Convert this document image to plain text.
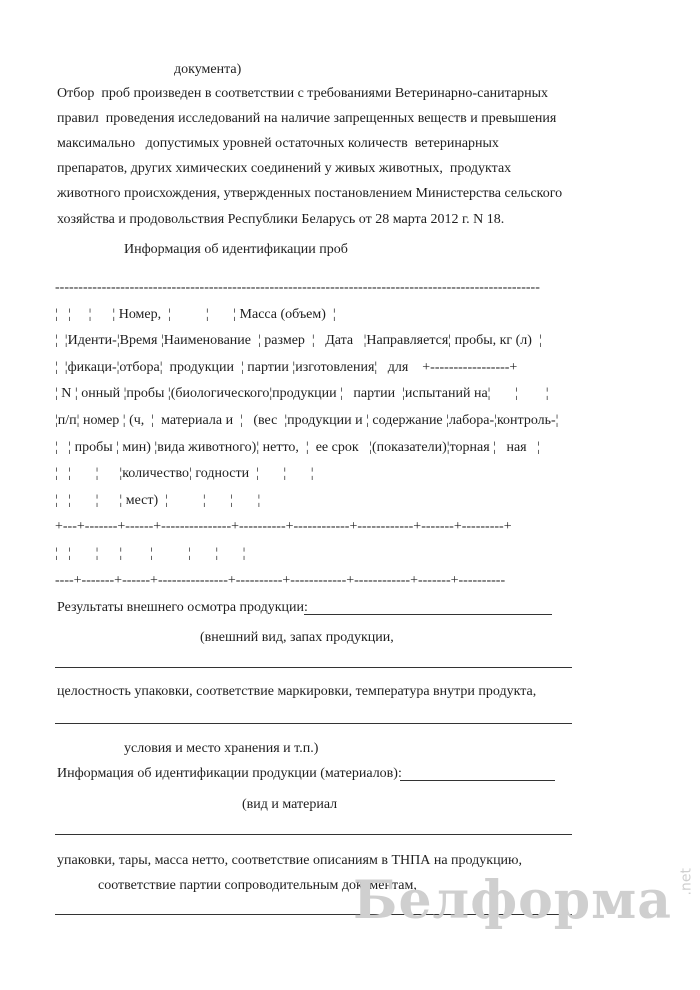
документа)
Отбор  проб произведен в соответствии с требованиями Ветеринарно-санитарных
правил  проведения исследований на наличие запрещенных веществ и превышения
максимально   допустимых уровней остаточных количеств  ветеринарных
препаратов, других химических соединений у живых животных,  продуктах
животного происхождения, утвержденных постановлением Министерства сельского
хозяйства и продовольствия Республики Беларусь от 28 марта 2012 г. N 18.
Информация об идентификации проб
--------------------------------------------------------------------------------------------------------
¦   ¦     ¦      ¦ Номер,  ¦          ¦       ¦ Масса (объем)  ¦
¦  ¦Иденти-¦Время ¦Наименование  ¦ размер  ¦   Дата   ¦Направляется¦ пробы, кг (л)  ¦
¦  ¦фикаци-¦отбора¦  продукции  ¦ партии ¦изготовления¦   для    +-----------------+
¦ N ¦ онный ¦пробы ¦(биологического¦продукции ¦   партии  ¦испытаний на¦       ¦        ¦
¦п/п¦ номер ¦ (ч,  ¦  материала и  ¦   (вес  ¦продукции и ¦ содержание ¦лабора-¦контроль-¦
¦   ¦ пробы ¦ мин) ¦вида животного)¦ нетто,  ¦  ее срок   ¦(показатели)¦торная ¦   ная   ¦
¦   ¦       ¦      ¦количество¦ годности  ¦       ¦       ¦
¦   ¦       ¦      ¦ мест)  ¦          ¦       ¦       ¦
+---+-------+------+---------------+----------+------------+------------+-------+---------+
¦   ¦       ¦      ¦        ¦          ¦       ¦       ¦
----+-------+------+---------------+----------+------------+------------+-------+----------
Результаты внешнего осмотра продукции:
(внешний вид, запах продукции,
целостность упаковки, соответствие маркировки, температура внутри продукта,
условия и место хранения и т.п.)
Информация об идентификации продукции (материалов):
(вид и материал
упаковки, тары, масса нетто, соответствие описаниям в ТНПА на продукцию,
соответствие партии сопроводительным документам,
Белформа .net
